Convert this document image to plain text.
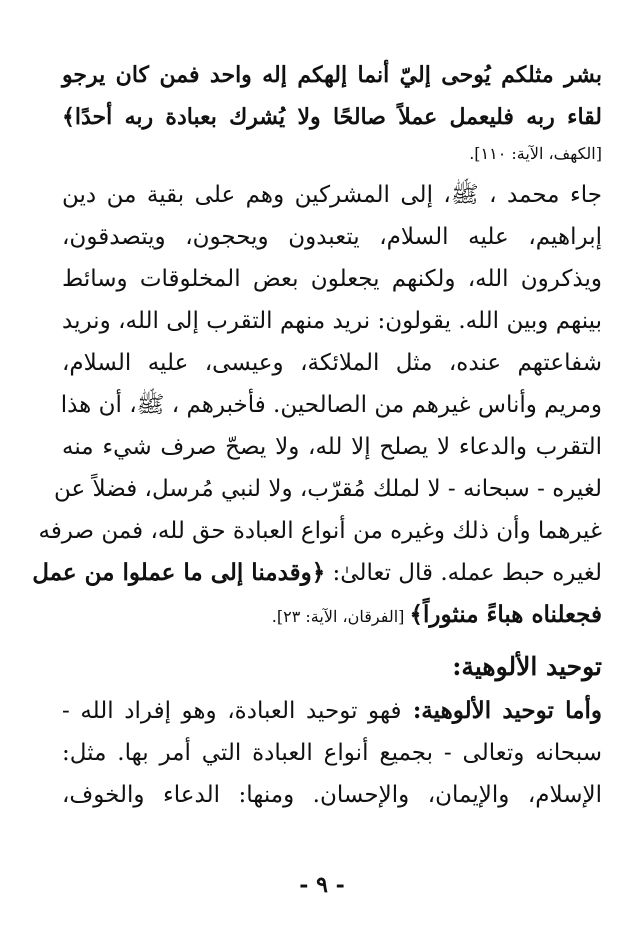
بشر مثلكم يُوحى إليّ أنما إلهكم إله واحد فمن كان يرجو
لقاء ربه فليعمل عملاً صالحًا ولا يُشرك بعبادة ربه أحدًا﴾
[الكهف، الآية: ١١٠].
جاء محمد ، ﷺ، إلى المشركين وهم على بقية من دين
إبراهيم، عليه السلام، يتعبدون ويحجون، ويتصدقون،
ويذكرون الله، ولكنهم يجعلون بعض المخلوقات وسائط
بينهم وبين الله. يقولون: نريد منهم التقرب إلى الله، ونريد
شفاعتهم عنده، مثل الملائكة، وعيسى، عليه السلام،
ومريم وأناس غيرهم من الصالحين. فأخبرهم ، ﷺ، أن هذا
التقرب والدعاء لا يصلح إلا لله، ولا يصحّ صرف شيء منه
لغيره - سبحانه - لا لملك مُقرّب، ولا لنبي مُرسل، فضلاً عن
غيرهما وأن ذلك وغيره من أنواع العبادة حق لله، فمن صرفه
لغيره حبط عمله. قال تعالىٰ: ﴿وقدمنا إلى ما عملوا من عمل
فجعلناه هباءً منثوراً﴾ [الفرقان، الآية: ٢٣].
توحيد الألوهية:
وأما توحيد الألوهية: فهو توحيد العبادة، وهو إفراد الله -
سبحانه وتعالى - بجميع أنواع العبادة التي أمر بها. مثل:
الإسلام، والإيمان، والإحسان. ومنها: الدعاء والخوف،
- ٩ -
